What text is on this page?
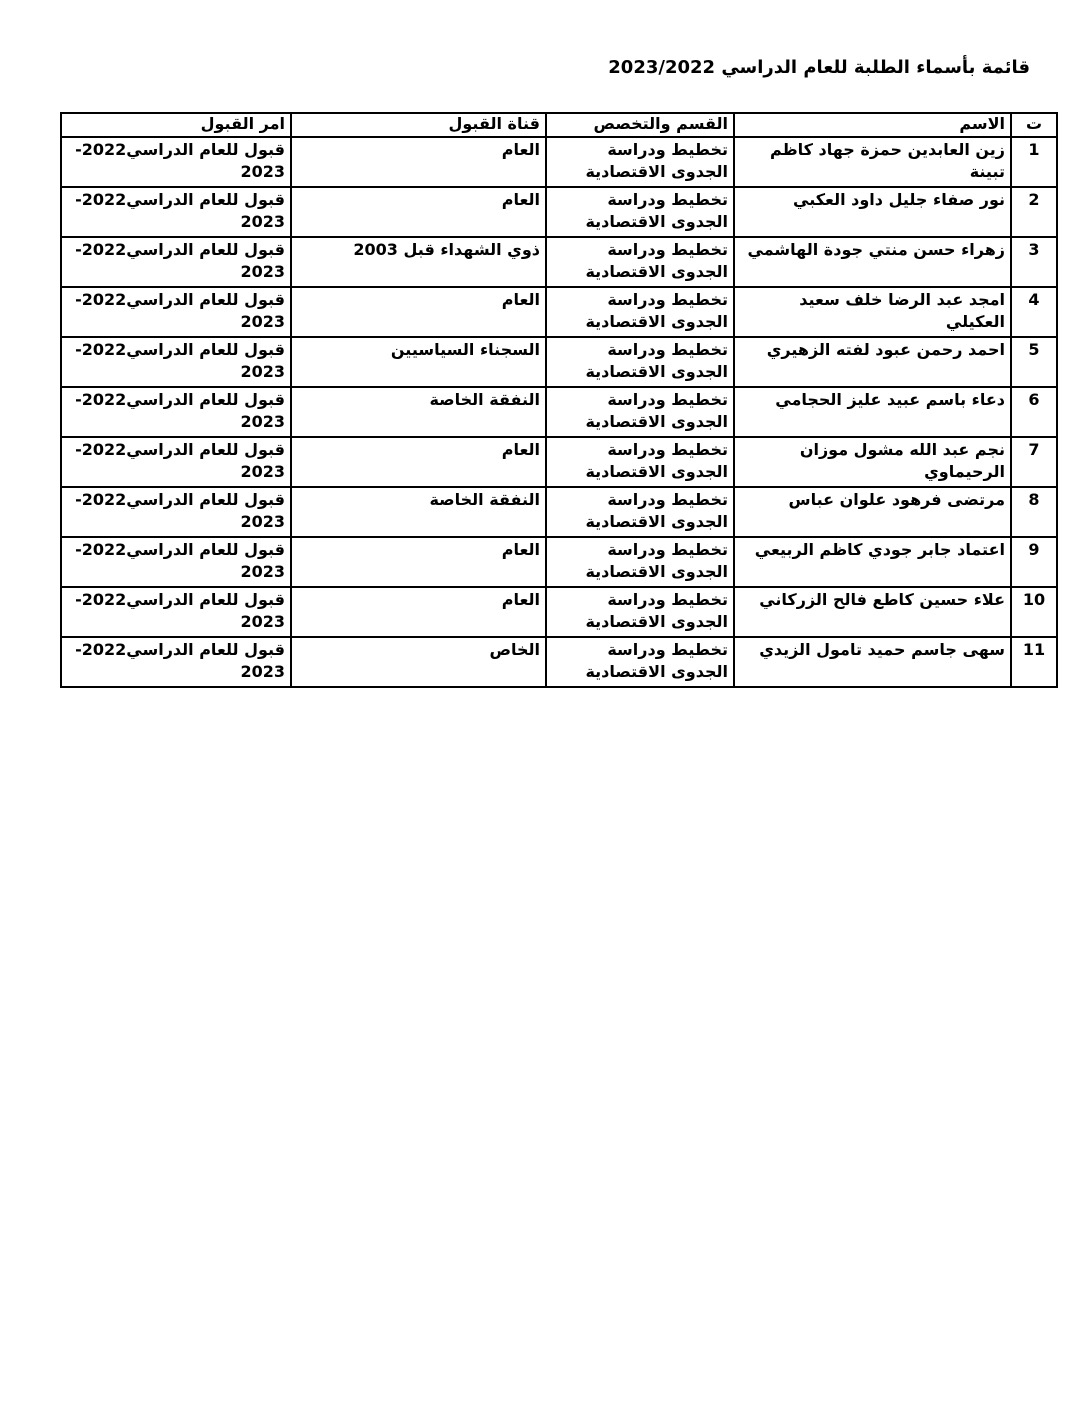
قائمة بأسماء الطلبة للعام الدراسي 2023/2022
ت	الاسم	القسم والتخصص	قناة القبول	امر القبول
1	زين العابدين حمزة جهاد كاظم تبينة	تخطيط ودراسة الجدوى الاقتصادية	العام	قبول للعام الدراسي2022-2023
2	نور صفاء جليل داود العكبي	تخطيط ودراسة الجدوى الاقتصادية	العام	قبول للعام الدراسي2022-2023
3	زهراء حسن منتي جودة الهاشمي	تخطيط ودراسة الجدوى الاقتصادية	ذوي الشهداء قبل 2003	قبول للعام الدراسي2022-2023
4	امجد عبد الرضا خلف سعيد العكيلي	تخطيط ودراسة الجدوى الاقتصادية	العام	قبول للعام الدراسي2022-2023
5	احمد رحمن عبود لفته الزهيري	تخطيط ودراسة الجدوى الاقتصادية	السجناء السياسيين	قبول للعام الدراسي2022-2023
6	دعاء باسم عبيد عليز الحجامي	تخطيط ودراسة الجدوى الاقتصادية	النفقة الخاصة	قبول للعام الدراسي2022-2023
7	نجم عبد الله مشول موزان الرحيماوي	تخطيط ودراسة الجدوى الاقتصادية	العام	قبول للعام الدراسي2022-2023
8	مرتضى فرهود علوان عباس	تخطيط ودراسة الجدوى الاقتصادية	النفقة الخاصة	قبول للعام الدراسي2022-2023
9	اعتماد جابر جودي كاظم الربيعي	تخطيط ودراسة الجدوى الاقتصادية	العام	قبول للعام الدراسي2022-2023
10	علاء حسين كاطع فالح الزركاني	تخطيط ودراسة الجدوى الاقتصادية	العام	قبول للعام الدراسي2022-2023
11	سهى جاسم حميد تامول الزيدي	تخطيط ودراسة الجدوى الاقتصادية	الخاص	قبول للعام الدراسي2022-2023
